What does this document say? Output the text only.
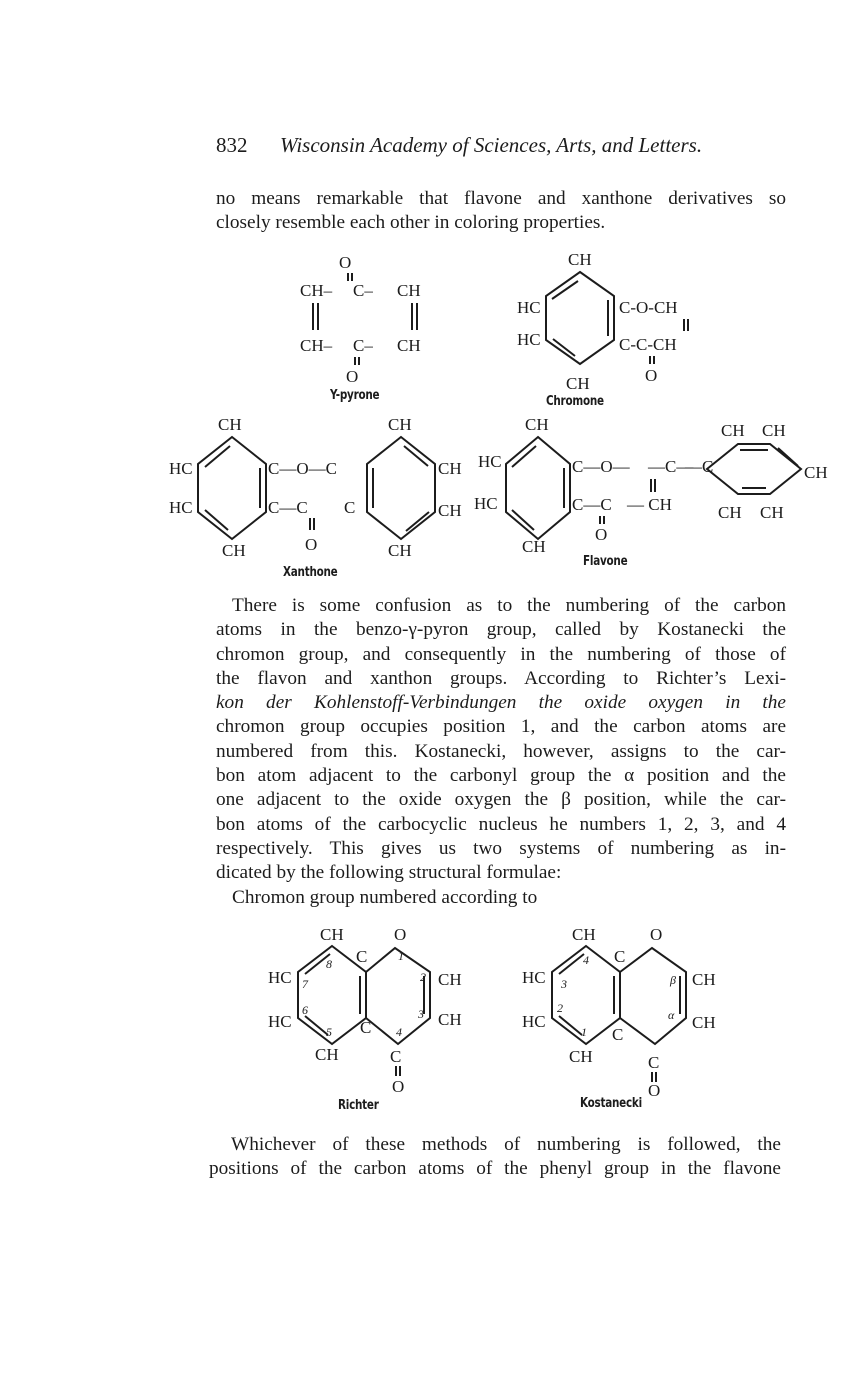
832 Wisconsin Academy of Sciences, Arts, and Letters.
no means remarkable that flavone and xanthone derivatives so
closely resemble each other in coloring properties.
O
CH– C– CH
CH– C– CH
O
CH
HC
HC
C-O-CH
C-C-CH
O
CH
CH
HC
HC
C—O—C
C—C C
O
CH
CH
CH
CH
CH
CH
HC
HC
C—O— —C—
—C
C—C — CH
O
CH
CH CH
CH
CH CH
CH	O
C
HC
HC
CH
CH
C
C
O
CH
1
2
3
4
5
6
7
8
CH	O
C
HC
HC
CH
CH
C
C
O
CH
4
3
2
1
β
α
Y-pyrone	Chromone
Xanthone
Flavone
Richter	Kostanecki
There is some confusion as to the numbering of the carbon
atoms in the benzo-γ-pyron group, called by Kostanecki the
chromon group, and consequently in the numbering of those of
the flavon and xanthon groups. According to Richter’s Lexi-
kon der Kohlenstoff-Verbindungen the oxide oxygen in the
chromon group occupies position 1, and the carbon atoms are
numbered from this. Kostanecki, however, assigns to the car-
bon atom adjacent to the carbonyl group the α position and the
one adjacent to the oxide oxygen the β position, while the car-
bon atoms of the carbocyclic nucleus he numbers 1, 2, 3, and 4
respectively. This gives us two systems of numbering as in-
dicated by the following structural formulae:
Chromon group numbered according to
Whichever of these methods of numbering is followed, the
positions of the carbon atoms of the phenyl group in the flavone
